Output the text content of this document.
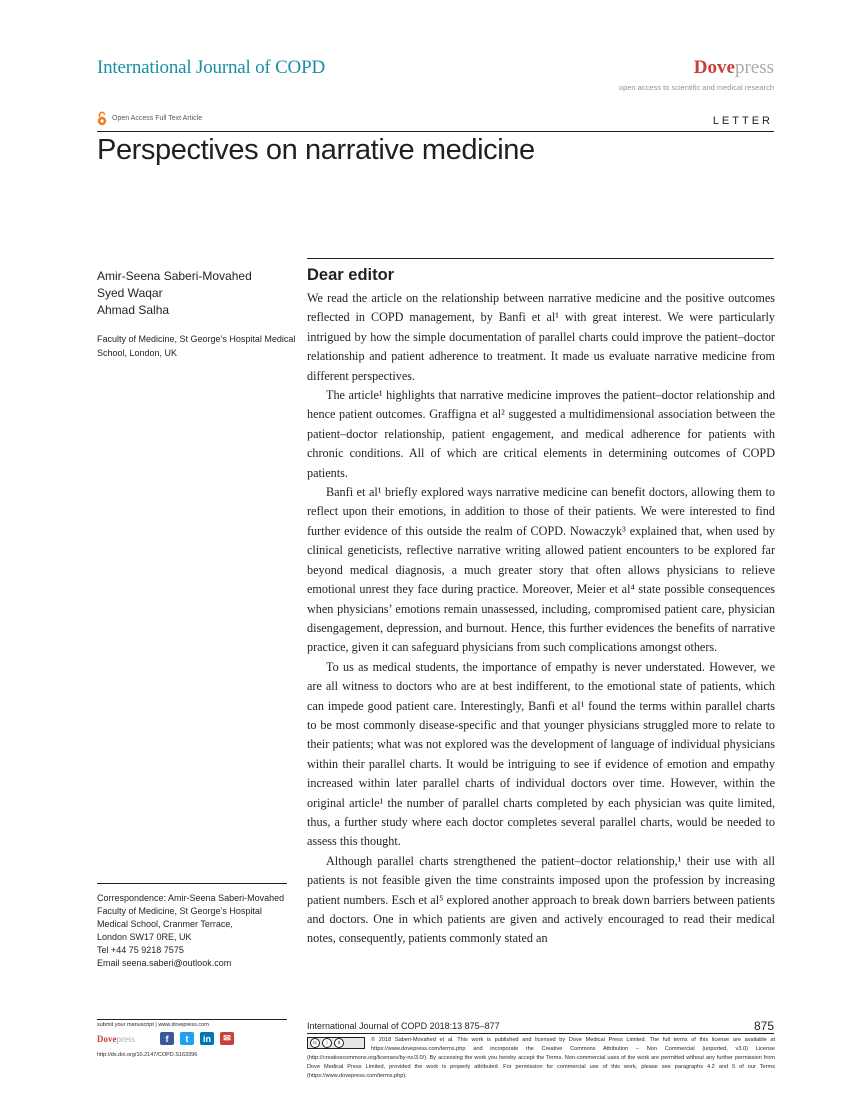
International Journal of COPD	Dovepress
open access to scientific and medical research
Open Access Full Text Article	LETTER
Perspectives on narrative medicine
Amir-Seena Saberi-Movahed
Syed Waqar
Ahmad Salha
Faculty of Medicine, St George’s Hospital Medical School, London, UK
Correspondence: Amir-Seena Saberi-Movahed
Faculty of Medicine, St George’s Hospital
Medical School, Cranmer Terrace,
London SW17 0RE, UK
Tel +44 75 9218 7575
Email seena.saberi@outlook.com
Dear editor

We read the article on the relationship between narrative medicine and the positive outcomes reflected in COPD management, by Banfi et al¹ with great interest. We were particularly intrigued by how the simple documentation of parallel charts could improve the patient–doctor relationship and patient adherence to treatment. It made us evaluate narrative medicine from different perspectives.

The article¹ highlights that narrative medicine improves the patient–doctor relationship and hence patient outcomes. Graffigna et al² suggested a multidimensional association between the patient–doctor relationship, patient engagement, and medical adherence for patients with chronic conditions. All of which are critical elements in determining outcomes of COPD patients.

Banfi et al¹ briefly explored ways narrative medicine can benefit doctors, allowing them to reflect upon their emotions, in addition to those of their patients. We were interested to find further evidence of this outside the realm of COPD. Nowaczyk³ explained that, when used by clinical geneticists, reflective narrative writing allowed patient encounters to be explored far beyond medical diagnosis, a much greater story that often allows physicians to relieve emotional unrest they face during practice. Moreover, Meier et al⁴ state possible consequences when physicians’ emotions remain unassessed, including, compromised patient care, physician disengagement, depression, and burnout. Hence, this further evidences the benefits of narrative practice, given it can safeguard physicians from such complications amongst others.

To us as medical students, the importance of empathy is never understated. However, we are all witness to doctors who are at best indifferent, to the emotional state of patients, which can impede good patient care. Interestingly, Banfi et al¹ found the terms within parallel charts to be most commonly disease-specific and that younger physicians struggled more to relate to their patients; what was not explored was the development of language of individual physicians within their parallel charts. It would be intriguing to see if evidence of emotion and empathy increased within later parallel charts of individual doctors over time. However, within the original article¹ the number of parallel charts completed by each physician was quite limited, thus, a further study where each doctor completes several parallel charts, would be needed to assess this thought.

Although parallel charts strengthened the patient–doctor relationship,¹ their use with all patients is not feasible given the time constraints imposed upon the profession by increasing patient numbers. Esch et al⁵ explored another approach to break down barriers between patients and doctors. One in which patients are given and actively encouraged to read their medical notes, consequently, patients commonly stated an

submit your manuscript | www.dovepress.com
Dovepress	f	t	in	✉
http://dx.doi.org/10.2147/COPD.S163396
International Journal of COPD 2018:13 875–877	875
cc	i	$	© 2018 Saberi-Movahed et al. This work is published and licensed by Dove Medical Press Limited. The full terms of this license are available at https://www.dovepress.com/terms.php and incorporate the Creative Commons Attribution – Non Commercial (unported, v3.0) License (http://creativecommons.org/licenses/by-nc/3.0/). By accessing the work you hereby accept the Terms. Non-commercial uses of the work are permitted without any further permission from Dove Medical Press Limited, provided the work is properly attributed. For permission for commercial use of this work, please see paragraphs 4.2 and 5 of our Terms (https://www.dovepress.com/terms.php).
